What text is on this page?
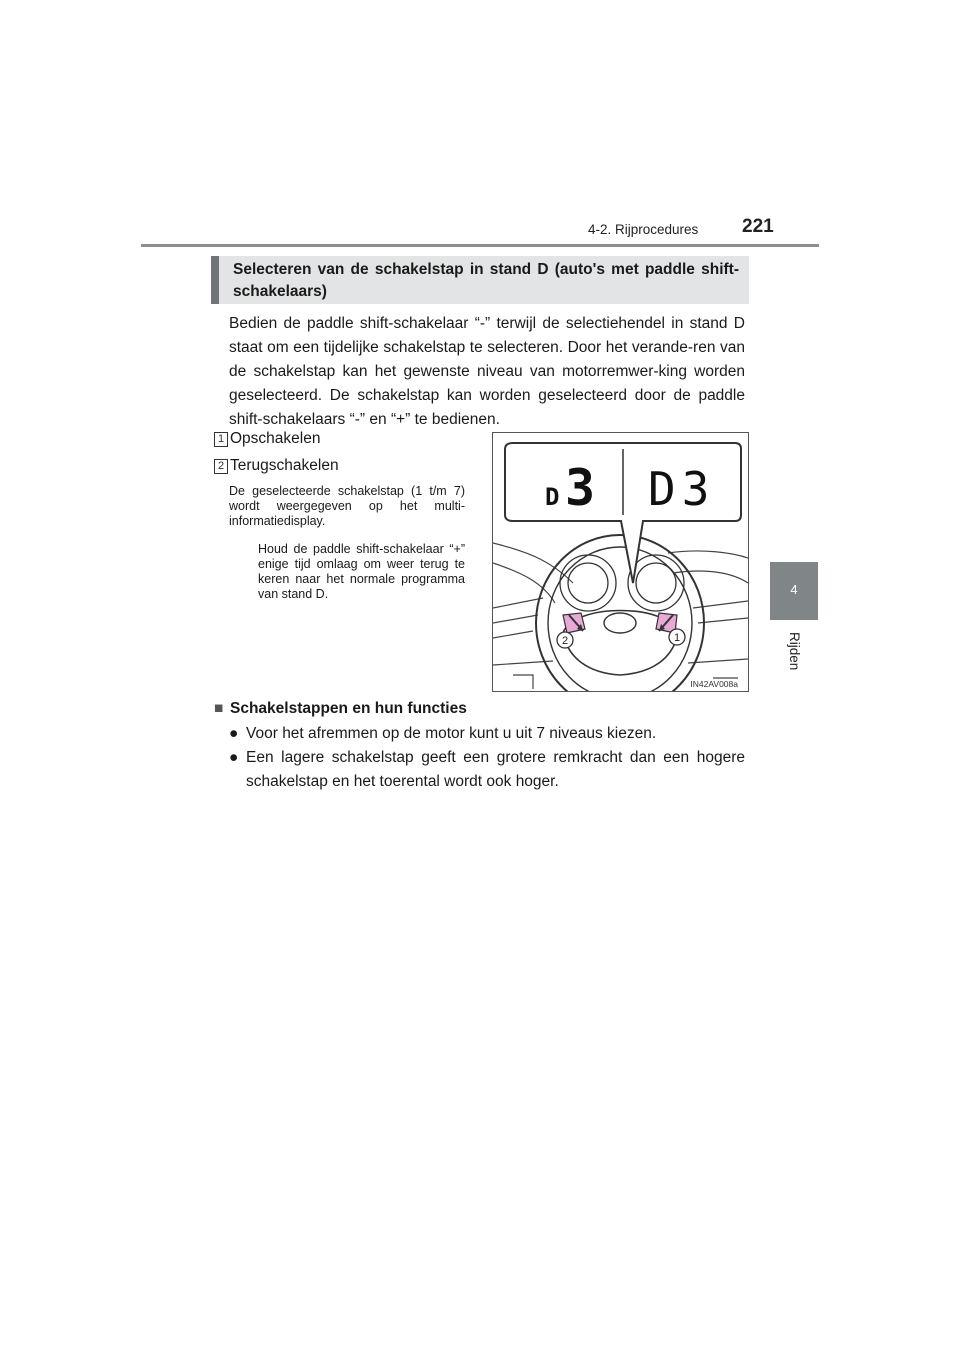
4-2. Rijprocedures 221
4
Rijden
Selecteren van de schakelstap in stand D (auto's met paddle shift-schakelaars)
Bedien de paddle shift-schakelaar “-” terwijl de selectiehendel in stand D staat om een tijdelijke schakelstap te selecteren. Door het verande-ren van de schakelstap kan het gewenste niveau van motorremwer-king worden geselecteerd. De schakelstap kan worden geselecteerd door de paddle shift-schakelaars “-” en “+” te bedienen.
1 Opschakelen
2 Terugschakelen
De geselecteerde schakelstap (1 t/m 7) wordt weergegeven op het multi-informatiedisplay.
Houd de paddle shift-schakelaar “+” enige tijd omlaag om weer terug te keren naar het normale programma van stand D.
2	1
D 3 D3
IN42AV008a
■ Schakelstappen en hun functies
● Voor het afremmen op de motor kunt u uit 7 niveaus kiezen.
● Een lagere schakelstap geeft een grotere remkracht dan een hogere schakelstap en het toerental wordt ook hoger.
